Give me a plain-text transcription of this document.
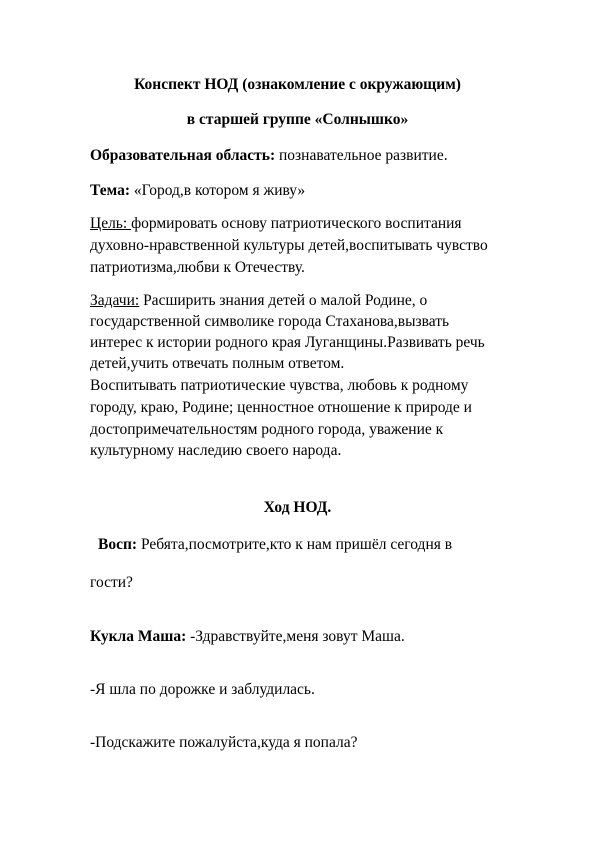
Конспект НОД (ознакомление с окружающим)
в старшей группе «Солнышко»
Образовательная область: познавательное развитие.
Тема: «Город,в котором я живу»
Цель: формировать основу патриотического воспитания
духовно-нравственной культуры детей,воспитывать чувство
патриотизма,любви к Отечеству.
Задачи: Расширить знания детей о малой Родине, о
государственной символике города Стаханова,вызвать
интерес к истории родного края Луганщины.Развивать речь
детей,учить отвечать полным ответом.
Воспитывать патриотические чувства, любовь к родному
городу, краю, Родине; ценностное отношение к природе и
достопримечательностям родного города, уважение к
культурному наследию своего народа.
Ход НОД.
Восп: Ребята,посмотрите,кто к нам пришёл сегодня в
гости?
Кукла Маша: -Здравствуйте,меня зовут Маша.
-Я шла по дорожке и заблудилась.
-Подскажите пожалуйста,куда я попала?
